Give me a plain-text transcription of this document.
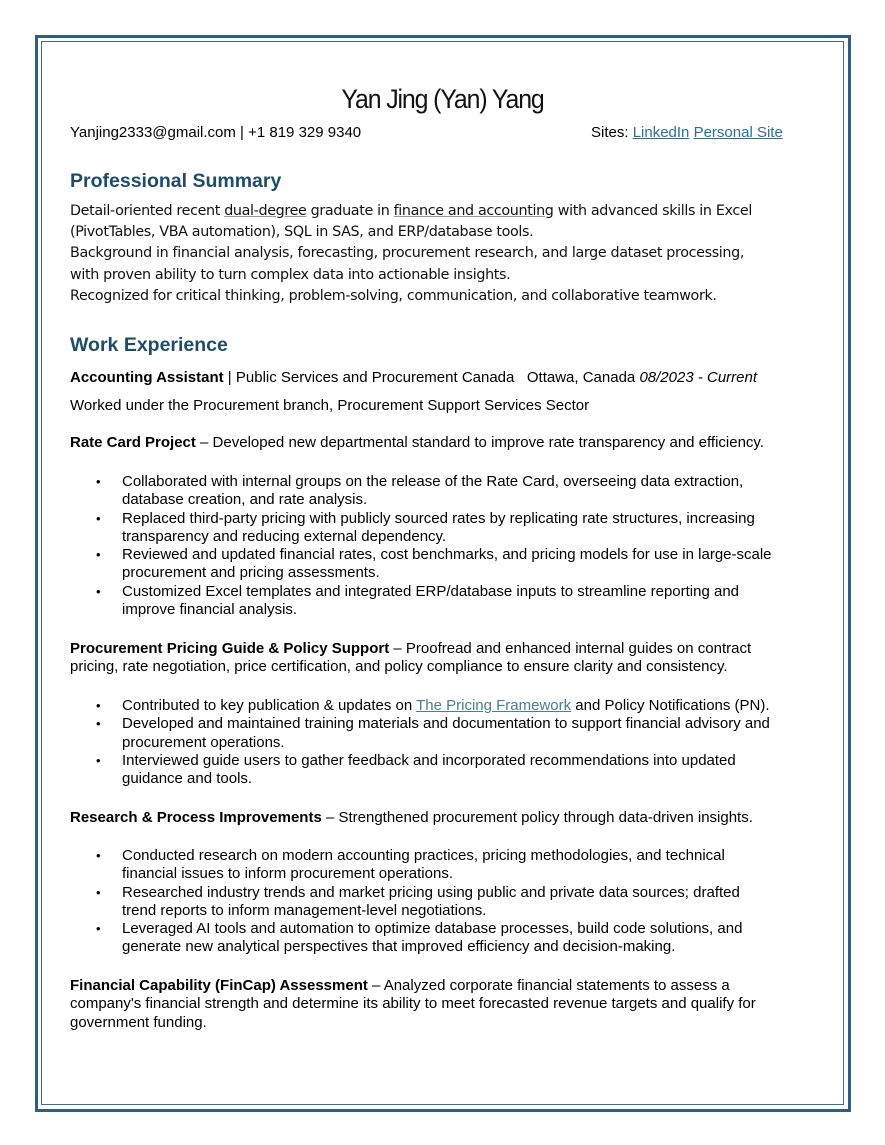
Yan Jing (Yan) Yang
Yanjing2333@gmail.com | +1 819 329 9340	Sites: LinkedIn Personal Site
Professional Summary

Detail-oriented recent dual-degree graduate in finance and accounting with advanced skills in Excel

(PivotTables, VBA automation), SQL in SAS, and ERP/database tools.

Background in financial analysis, forecasting, procurement research, and large dataset processing,

with proven ability to turn complex data into actionable insights.

Recognized for critical thinking, problem-solving, communication, and collaborative teamwork.

Work Experience
Accounting Assistant | Public Services and Procurement Canada Ottawa, Canada 08/2023 - Current
Worked under the Procurement branch, Procurement Support Services Sector

Rate Card Project – Developed new departmental standard to improve rate transparency and efficiency.

• Collaborated with internal groups on the release of the Rate Card, overseeing data extraction,
database creation, and rate analysis.
• Replaced third-party pricing with publicly sourced rates by replicating rate structures, increasing
transparency and reducing external dependency.
• Reviewed and updated financial rates, cost benchmarks, and pricing models for use in large-scale
procurement and pricing assessments.
• Customized Excel templates and integrated ERP/database inputs to streamline reporting and
improve financial analysis.

Procurement Pricing Guide & Policy Support – Proofread and enhanced internal guides on contract

pricing, rate negotiation, price certification, and policy compliance to ensure clarity and consistency.

• Contributed to key publication & updates on The Pricing Framework and Policy Notifications (PN).
• Developed and maintained training materials and documentation to support financial advisory and
procurement operations.
• Interviewed guide users to gather feedback and incorporated recommendations into updated
guidance and tools.

Research & Process Improvements – Strengthened procurement policy through data-driven insights.

• Conducted research on modern accounting practices, pricing methodologies, and technical
financial issues to inform procurement operations.
• Researched industry trends and market pricing using public and private data sources; drafted
trend reports to inform management-level negotiations.
• Leveraged AI tools and automation to optimize database processes, build code solutions, and
generate new analytical perspectives that improved efficiency and decision-making.

Financial Capability (FinCap) Assessment – Analyzed corporate financial statements to assess a

company's financial strength and determine its ability to meet forecasted revenue targets and qualify for

government funding.
